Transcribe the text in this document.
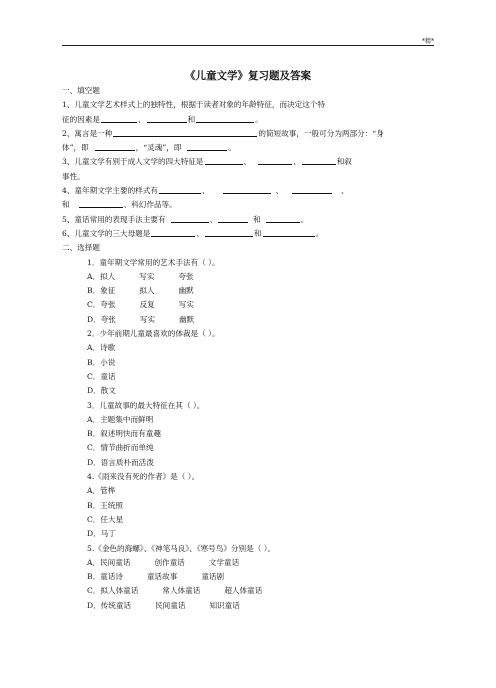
*精*
《儿童文学》复习题及答案
一、填空题
1、儿童文学艺术样式上的独特性，根据于读者对象的年龄特征，而决定这个特
征的因素是	、	和	。
2、寓言是一种	的简短故事，一般可分为两部分：“身
体”，即	，“灵魂”，即	。
3、儿童文学有别于成人文学的四大特征是	、	、	和叙
事性。
4、童年期文学主要的样式有	、	、	、
和	、科幻作品等。
5、童话常用的表现手法主要有	、	和	。
6、儿童文学的三大母题是	、	和	。
二、选择题
1．童年期文学常用的艺术手法有（ ）。
A．拟人	写实	夸张
B．象征	拟人	幽默
C．夸张	反复	写实
D．夸张	写实	幽默
2．少年前期儿童最喜欢的体裁是（ ）。
A．诗歌
B．小说
C．童话
D．散文
3．儿童故事的最大特征在其（ ）。
A．主题集中而鲜明
B．叙述明快而有童趣
C．情节曲折而单纯
D．语言质朴而活泼
4.《雨来没有死的作者》是（ ）。
A．管桦
B．王统照
C．任大星
D．马丁
5.《金色的海螺》、《神笔马良》、《寒号鸟》分别是（ ）。
A．民间童话	创作童话	文学童话
B．童话诗	童话故事	童话剧
C．拟人体童话	常人体童话	超人体童话
D．传统童话	民间童话	知识童话
